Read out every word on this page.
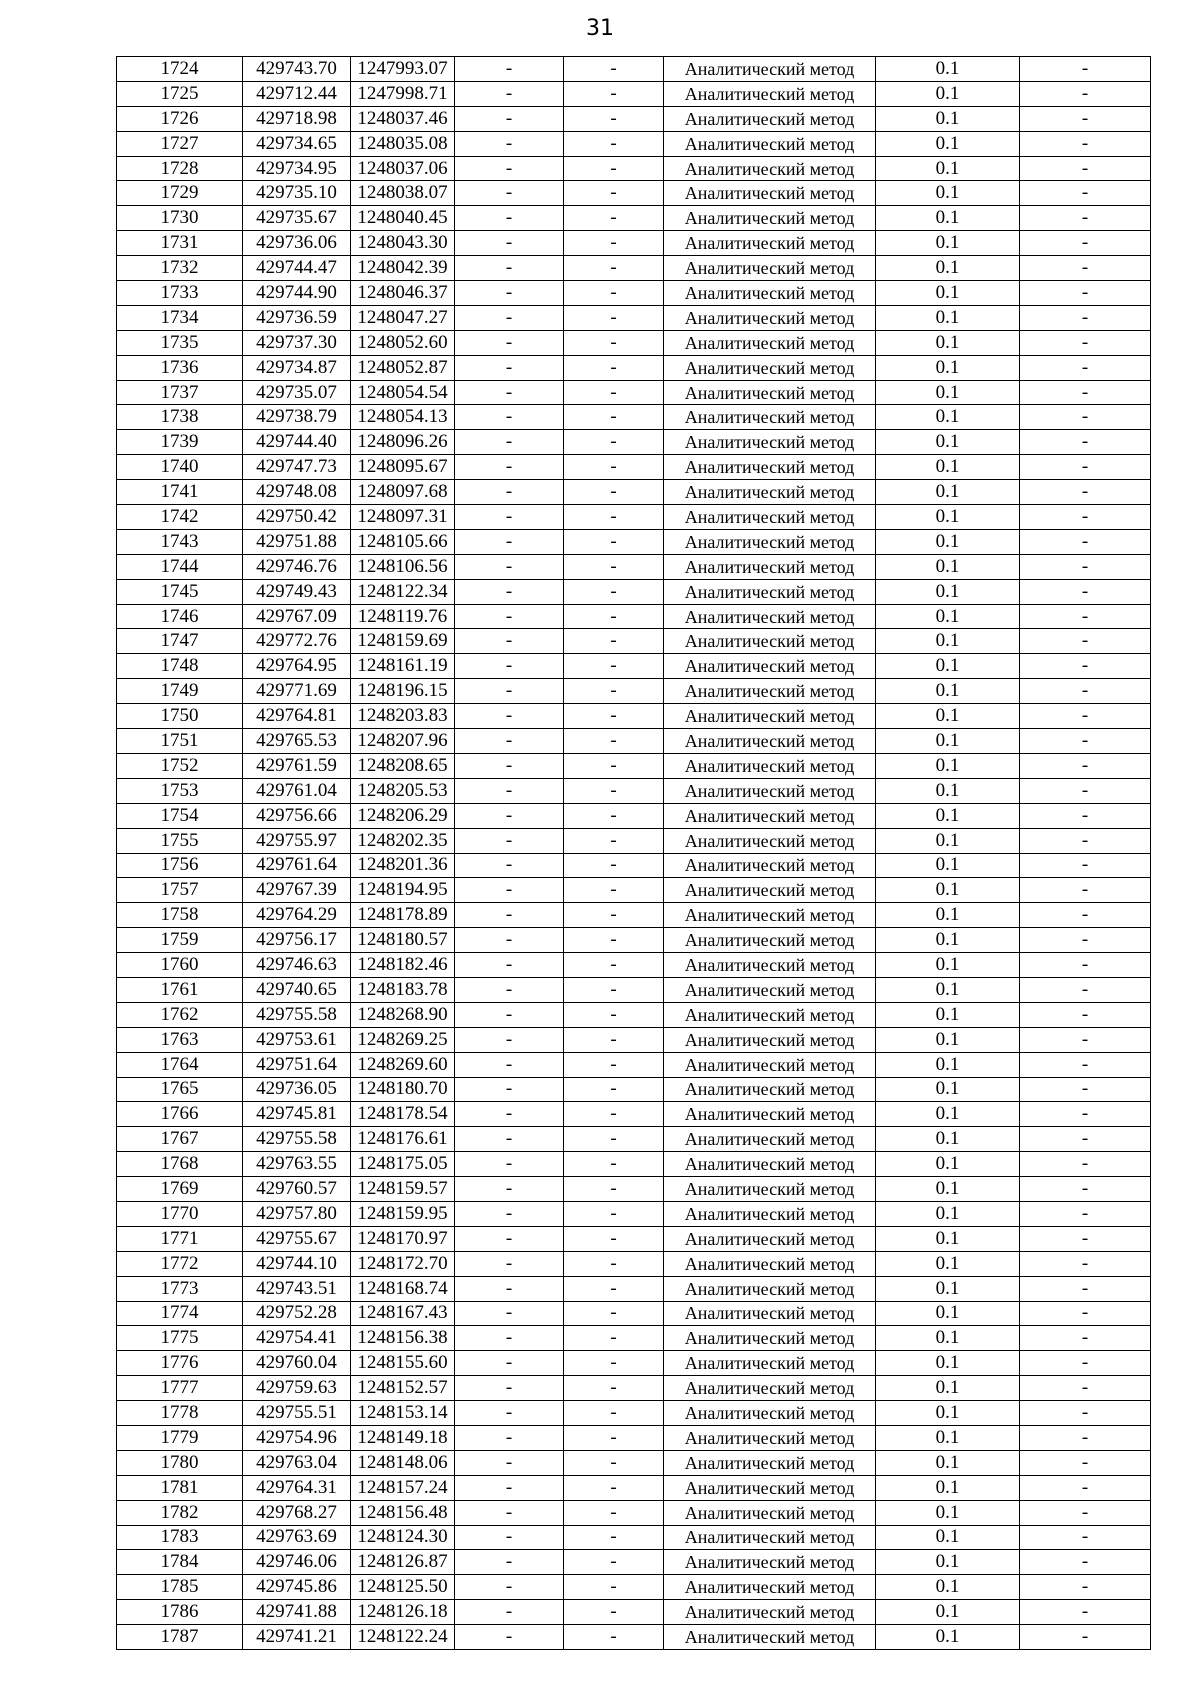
31
1724	429743.70	1247993.07	-	-	Аналитический метод	0.1	-
1725	429712.44	1247998.71	-	-	Аналитический метод	0.1	-
1726	429718.98	1248037.46	-	-	Аналитический метод	0.1	-
1727	429734.65	1248035.08	-	-	Аналитический метод	0.1	-
1728	429734.95	1248037.06	-	-	Аналитический метод	0.1	-
1729	429735.10	1248038.07	-	-	Аналитический метод	0.1	-
1730	429735.67	1248040.45	-	-	Аналитический метод	0.1	-
1731	429736.06	1248043.30	-	-	Аналитический метод	0.1	-
1732	429744.47	1248042.39	-	-	Аналитический метод	0.1	-
1733	429744.90	1248046.37	-	-	Аналитический метод	0.1	-
1734	429736.59	1248047.27	-	-	Аналитический метод	0.1	-
1735	429737.30	1248052.60	-	-	Аналитический метод	0.1	-
1736	429734.87	1248052.87	-	-	Аналитический метод	0.1	-
1737	429735.07	1248054.54	-	-	Аналитический метод	0.1	-
1738	429738.79	1248054.13	-	-	Аналитический метод	0.1	-
1739	429744.40	1248096.26	-	-	Аналитический метод	0.1	-
1740	429747.73	1248095.67	-	-	Аналитический метод	0.1	-
1741	429748.08	1248097.68	-	-	Аналитический метод	0.1	-
1742	429750.42	1248097.31	-	-	Аналитический метод	0.1	-
1743	429751.88	1248105.66	-	-	Аналитический метод	0.1	-
1744	429746.76	1248106.56	-	-	Аналитический метод	0.1	-
1745	429749.43	1248122.34	-	-	Аналитический метод	0.1	-
1746	429767.09	1248119.76	-	-	Аналитический метод	0.1	-
1747	429772.76	1248159.69	-	-	Аналитический метод	0.1	-
1748	429764.95	1248161.19	-	-	Аналитический метод	0.1	-
1749	429771.69	1248196.15	-	-	Аналитический метод	0.1	-
1750	429764.81	1248203.83	-	-	Аналитический метод	0.1	-
1751	429765.53	1248207.96	-	-	Аналитический метод	0.1	-
1752	429761.59	1248208.65	-	-	Аналитический метод	0.1	-
1753	429761.04	1248205.53	-	-	Аналитический метод	0.1	-
1754	429756.66	1248206.29	-	-	Аналитический метод	0.1	-
1755	429755.97	1248202.35	-	-	Аналитический метод	0.1	-
1756	429761.64	1248201.36	-	-	Аналитический метод	0.1	-
1757	429767.39	1248194.95	-	-	Аналитический метод	0.1	-
1758	429764.29	1248178.89	-	-	Аналитический метод	0.1	-
1759	429756.17	1248180.57	-	-	Аналитический метод	0.1	-
1760	429746.63	1248182.46	-	-	Аналитический метод	0.1	-
1761	429740.65	1248183.78	-	-	Аналитический метод	0.1	-
1762	429755.58	1248268.90	-	-	Аналитический метод	0.1	-
1763	429753.61	1248269.25	-	-	Аналитический метод	0.1	-
1764	429751.64	1248269.60	-	-	Аналитический метод	0.1	-
1765	429736.05	1248180.70	-	-	Аналитический метод	0.1	-
1766	429745.81	1248178.54	-	-	Аналитический метод	0.1	-
1767	429755.58	1248176.61	-	-	Аналитический метод	0.1	-
1768	429763.55	1248175.05	-	-	Аналитический метод	0.1	-
1769	429760.57	1248159.57	-	-	Аналитический метод	0.1	-
1770	429757.80	1248159.95	-	-	Аналитический метод	0.1	-
1771	429755.67	1248170.97	-	-	Аналитический метод	0.1	-
1772	429744.10	1248172.70	-	-	Аналитический метод	0.1	-
1773	429743.51	1248168.74	-	-	Аналитический метод	0.1	-
1774	429752.28	1248167.43	-	-	Аналитический метод	0.1	-
1775	429754.41	1248156.38	-	-	Аналитический метод	0.1	-
1776	429760.04	1248155.60	-	-	Аналитический метод	0.1	-
1777	429759.63	1248152.57	-	-	Аналитический метод	0.1	-
1778	429755.51	1248153.14	-	-	Аналитический метод	0.1	-
1779	429754.96	1248149.18	-	-	Аналитический метод	0.1	-
1780	429763.04	1248148.06	-	-	Аналитический метод	0.1	-
1781	429764.31	1248157.24	-	-	Аналитический метод	0.1	-
1782	429768.27	1248156.48	-	-	Аналитический метод	0.1	-
1783	429763.69	1248124.30	-	-	Аналитический метод	0.1	-
1784	429746.06	1248126.87	-	-	Аналитический метод	0.1	-
1785	429745.86	1248125.50	-	-	Аналитический метод	0.1	-
1786	429741.88	1248126.18	-	-	Аналитический метод	0.1	-
1787	429741.21	1248122.24	-	-	Аналитический метод	0.1	-
